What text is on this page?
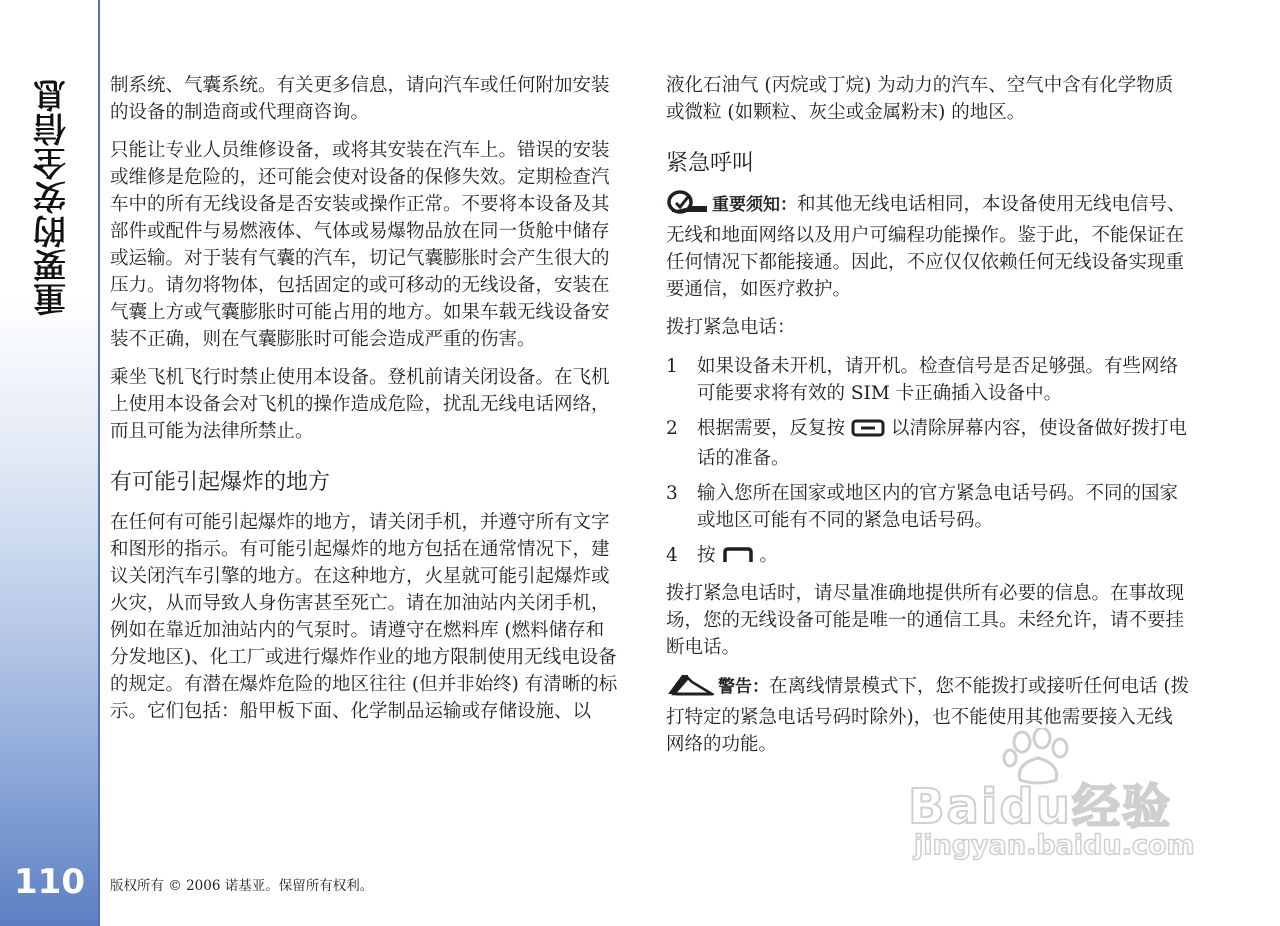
重要的安全信息
110

制系统、气囊系统。有关更多信息，请向汽车或任何附加安装的设备的制造商或代理商咨询。

只能让专业人员维修设备，或将其安装在汽车上。错误的安装或维修是危险的，还可能会使对设备的保修失效。定期检查汽车中的所有无线设备是否安装或操作正常。不要将本设备及其部件或配件与易燃液体、气体或易爆物品放在同一货舱中储存或运输。对于装有气囊的汽车，切记气囊膨胀时会产生很大的压力。请勿将物体，包括固定的或可移动的无线设备，安装在气囊上方或气囊膨胀时可能占用的地方。如果车载无线设备安装不正确，则在气囊膨胀时可能会造成严重的伤害。

乘坐飞机飞行时禁止使用本设备。登机前请关闭设备。在飞机上使用本设备会对飞机的操作造成危险，扰乱无线电话网络，而且可能为法律所禁止。

有可能引起爆炸的地方

在任何有可能引起爆炸的地方，请关闭手机，并遵守所有文字和图形的指示。有可能引起爆炸的地方包括在通常情况下，建议关闭汽车引擎的地方。在这种地方，火星就可能引起爆炸或火灾，从而导致人身伤害甚至死亡。请在加油站内关闭手机，例如在靠近加油站内的气泵时。请遵守在燃料库 (燃料储存和分发地区)、化工厂或进行爆炸作业的地方限制使用无线电设备的规定。有潜在爆炸危险的地区往往 (但并非始终) 有清晰的标示。它们包括：船甲板下面、化学制品运输或存储设施、以

液化石油气 (丙烷或丁烷) 为动力的汽车、空气中含有化学物质或微粒 (如颗粒、灰尘或金属粉末) 的地区。

紧急呼叫

重要须知：和其他无线电话相同，本设备使用无线电信号、无线和地面网络以及用户可编程功能操作。鉴于此，不能保证在任何情况下都能接通。因此，不应仅仅依赖任何无线设备实现重要通信，如医疗救护。

拨打紧急电话：
1 如果设备未开机，请开机。检查信号是否足够强。有些网络可能要求将有效的 SIM 卡正确插入设备中。
2 根据需要，反复按 以清除屏幕内容，使设备做好拨打电话的准备。
3 输入您所在国家或地区内的官方紧急电话号码。不同的国家或地区可能有不同的紧急电话号码。
4 按 。

拨打紧急电话时，请尽量准确地提供所有必要的信息。在事故现场，您的无线设备可能是唯一的通信工具。未经允许，请不要挂断电话。

警告：在离线情景模式下，您不能拨打或接听任何电话 (拨打特定的紧急电话号码时除外)，也不能使用其他需要接入无线网络的功能。

版权所有 © 2006 诺基亚。保留所有权利。
Baidu经验
jingyan.baidu.com
